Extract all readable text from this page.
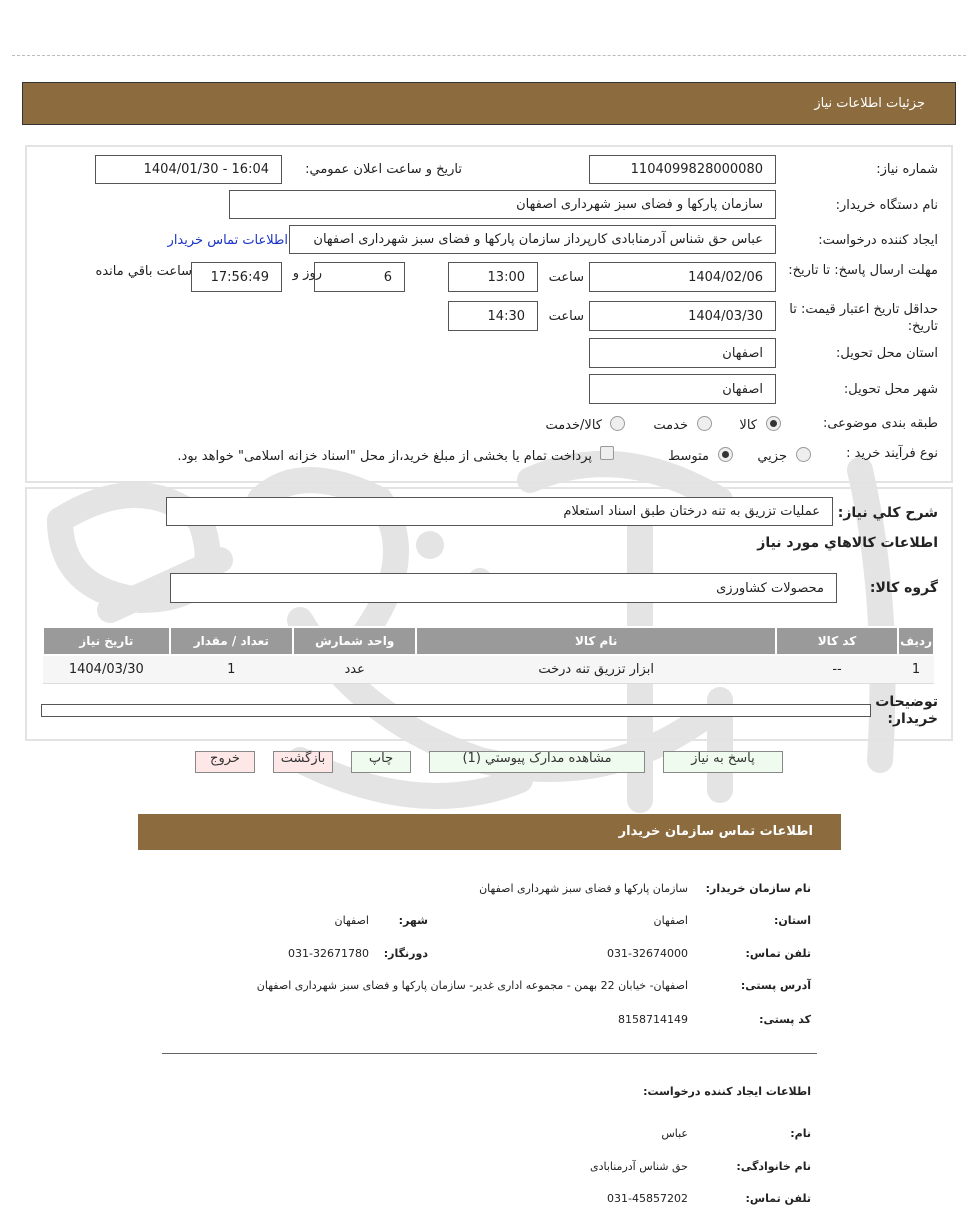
جزئيات اطلاعات نياز
شماره نياز:
1104099828000080
تاريخ و ساعت اعلان عمومي:
1404/01/30 - 16:04
نام دستگاه خريدار:
سازمان پارکها و فضای سبز شهرداری اصفهان
ايجاد کننده درخواست:
عباس حق شناس آدرمنابادی کارپرداز سازمان پارکها و فضای سبز شهرداری اصفهان
اطلاعات تماس خريدار
مهلت ارسال پاسخ: تا تاريخ:
1404/02/06
ساعت
13:00
6
روز و
17:56:49
ساعت باقي مانده
حداقل تاريخ اعتبار قيمت: تا تاريخ:
1404/03/30
ساعت
14:30
استان محل تحويل:
اصفهان
شهر محل تحويل:
اصفهان
طبقه بندی موضوعی:
کالا
خدمت
کالا/خدمت
نوع فرآيند خريد :
جزيي
متوسط
پرداخت تمام يا بخشی از مبلغ خريد،از محل "اسناد خزانه اسلامی" خواهد بود.
شرح کلي نياز:
عمليات تزريق به تنه درختان طبق اسناد استعلام
اطلاعات کالاهاي مورد نياز
گروه کالا:
محصولات کشاورزی
رديف	کد کالا	نام کالا	واحد شمارش	تعداد / مقدار	تاريخ نياز
1	--	ابزار تزريق تنه درخت	عدد	1	1404/03/30
توضيحات خريدار:
پاسخ به نياز
مشاهده مدارک پيوستي (1)
چاپ
بازگشت
خروج
اطلاعات تماس سازمان خريدار
نام سازمان خريدار:
سازمان پارکها و فضای سبز شهرداری اصفهان
استان:
اصفهان
شهر:
اصفهان
تلفن تماس:
031-32674000
دورنگار:
031-32671780
آدرس پستی:
اصفهان- خیابان 22 بهمن - مجموعه اداری غدیر- سازمان پارکها و فضای سبز شهرداری اصفهان
کد پستی:
8158714149
اطلاعات ايجاد کننده درخواست:
نام:
عباس
نام خانوادگی:
حق شناس آدرمنابادی
تلفن تماس:
031-45857202
